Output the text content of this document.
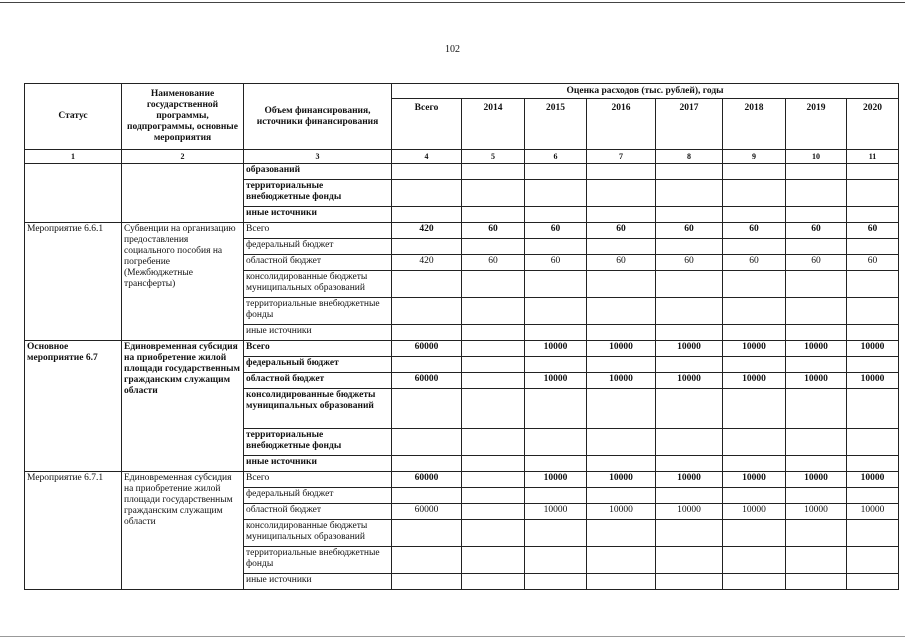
102
Статус	Наименование государственной программы, подпрограммы, основные мероприятия	Объем финансирования, источники финансирования	Оценка расходов (тыс. рублей), годы							
			Всего	2014	2015	2016	2017	2018	2019	2020
1	2	3	4	5	6	7	8	9	10	11
		образований								
		территориальные внебюджетные фонды								
		иные источники								
Мероприятие 6.6.1	Субвенции на организацию предоставления социального пособия на погребение (Межбюджетные трансферты)	Всего	420	60	60	60	60	60	60	60
		федеральный бюджет								
		областной бюджет	420	60	60	60	60	60	60	60
		консолидированные бюджеты муниципальных образований								
		территориальные внебюджетные фонды								
		иные источники								
Основное мероприятие 6.7	Единовременная субсидия на приобретение жилой площади государственным гражданским служащим области	Всего	60000		10000	10000	10000	10000	10000	10000
		федеральный бюджет								
		областной бюджет	60000		10000	10000	10000	10000	10000	10000
		консолидированные бюджеты муниципальных образований								
		территориальные внебюджетные фонды								
		иные источники								
Мероприятие 6.7.1	Единовременная субсидия на приобретение жилой площади государственным гражданским служащим области	Всего	60000		10000	10000	10000	10000	10000	10000
		федеральный бюджет								
		областной бюджет	60000		10000	10000	10000	10000	10000	10000
		консолидированные бюджеты муниципальных образований								
		территориальные внебюджетные фонды								
		иные источники								
